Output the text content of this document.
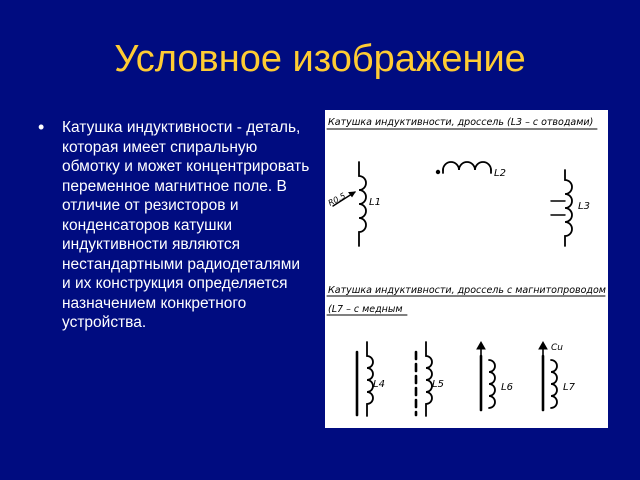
Условное изображение
• Катушка индуктивности - деталь, которая имеет спиральную обмотку и может концентрировать переменное магнитное поле. В отличие от резисторов и конденсаторов катушки индуктивности являются нестандартными радиодеталями и их конструкция определяется назначением конкретного устройства.
Катушка индуктивности, дроссель (L3 – с отводами)
L1
R0.5
L2
L3
Катушка индуктивности, дроссель с магнитопроводом
(L7 – с медным
L4	L5	L6	L7
Cu
